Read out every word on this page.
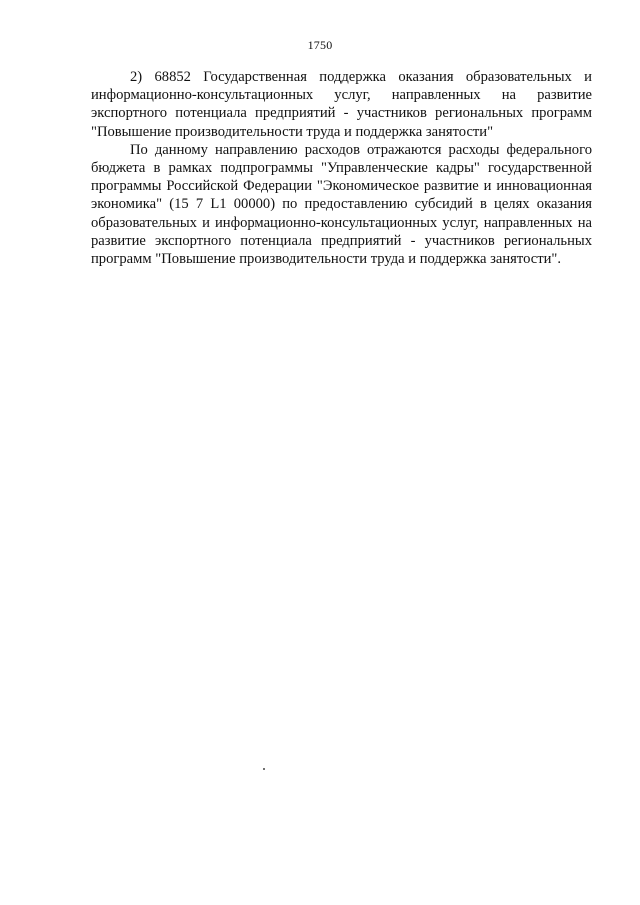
1750

2) 68852 Государственная поддержка оказания образовательных и информационно-консультационных услуг, направленных на развитие экспортного потенциала предприятий - участников региональных программ "Повышение производительности труда и поддержка занятости"

По данному направлению расходов отражаются расходы федерального бюджета в рамках подпрограммы "Управленческие кадры" государственной программы Российской Федерации "Экономическое развитие и инновационная экономика" (15 7 L1 00000) по предоставлению субсидий в целях оказания образовательных и информационно-консультационных услуг, направленных на развитие экспортного потенциала предприятий - участников региональных программ "Повышение производительности труда и поддержка занятости".
